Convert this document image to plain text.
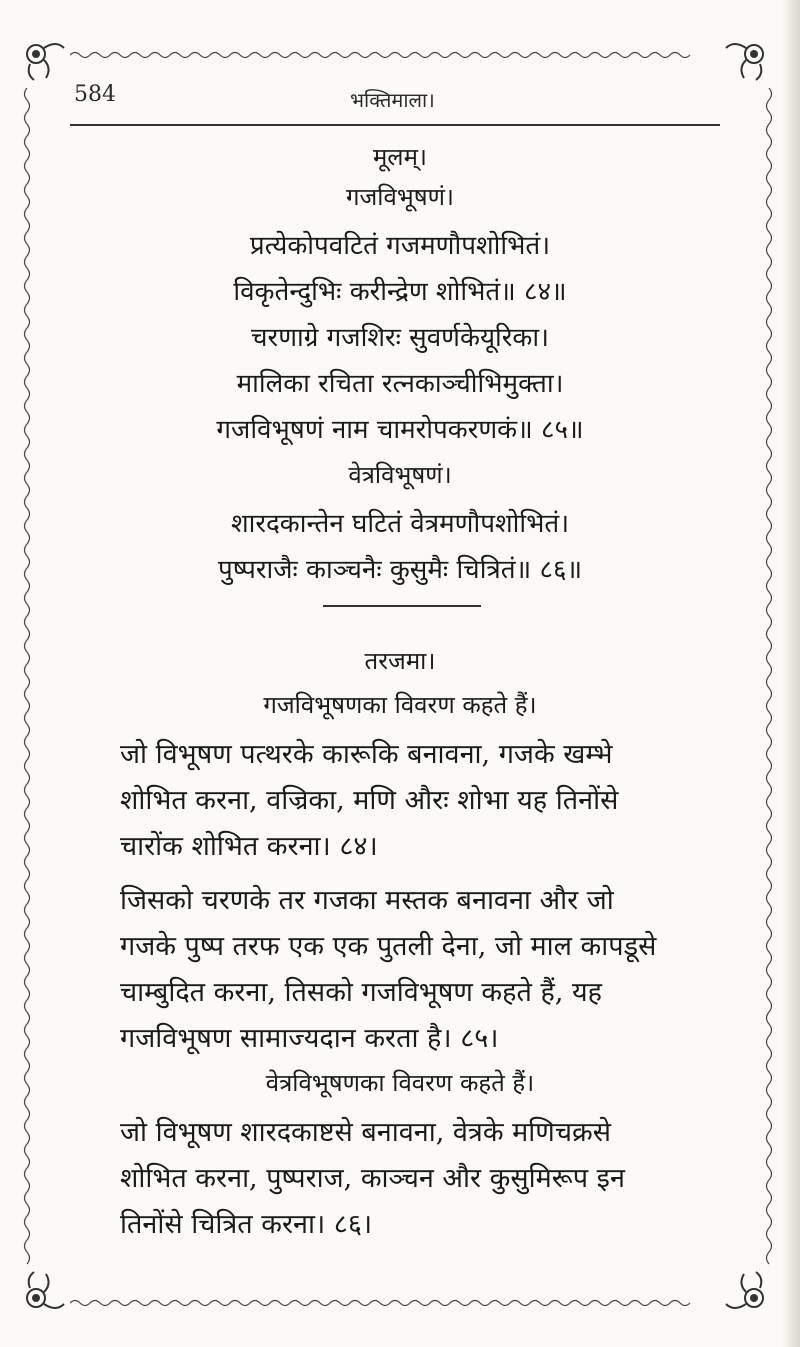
584	भक्तिमाला।
मूलम्।
गजविभूषणं।
प्रत्येकोपवटितं गजमणौपशोभितं।
विकृतेन्दुभिः करीन्द्रेण शोभितं॥ ८४॥
चरणाग्रे गजशिरः सुवर्णकेयूरिका।
मालिका रचिता रत्नकाञ्चीभिमुक्ता।
गजविभूषणं नाम चामरोपकरणकं॥ ८५॥
वेत्रविभूषणं।
शारदकान्तेन घटितं वेत्रमणौपशोभितं।
पुष्पराजैः काञ्चनैः कुसुमैः चित्रितं॥ ८६॥
तरजमा।
गजविभूषणका विवरण कहते हैं।
जो विभूषण पत्थरके कारूकि बनावना, गजके खम्भे
शोभित करना, वज्रिका, मणि औरः शोभा यह तिनोंसे
चारोंक शोभित करना। ८४।
जिसको चरणके तर गजका मस्तक बनावना और जो
गजके पुष्प तरफ एक एक पुतली देना, जो माल कापडूसे
चाम्बुदित करना, तिसको गजविभूषण कहते हैं, यह
गजविभूषण सामाज्यदान करता है। ८५।
वेत्रविभूषणका विवरण कहते हैं।
जो विभूषण शारदकाष्टसे बनावना, वेत्रके मणिचक्रसे
शोभित करना, पुष्पराज, काञ्चन और कुसुमिरूप इन
तिनोंसे चित्रित करना। ८६।
